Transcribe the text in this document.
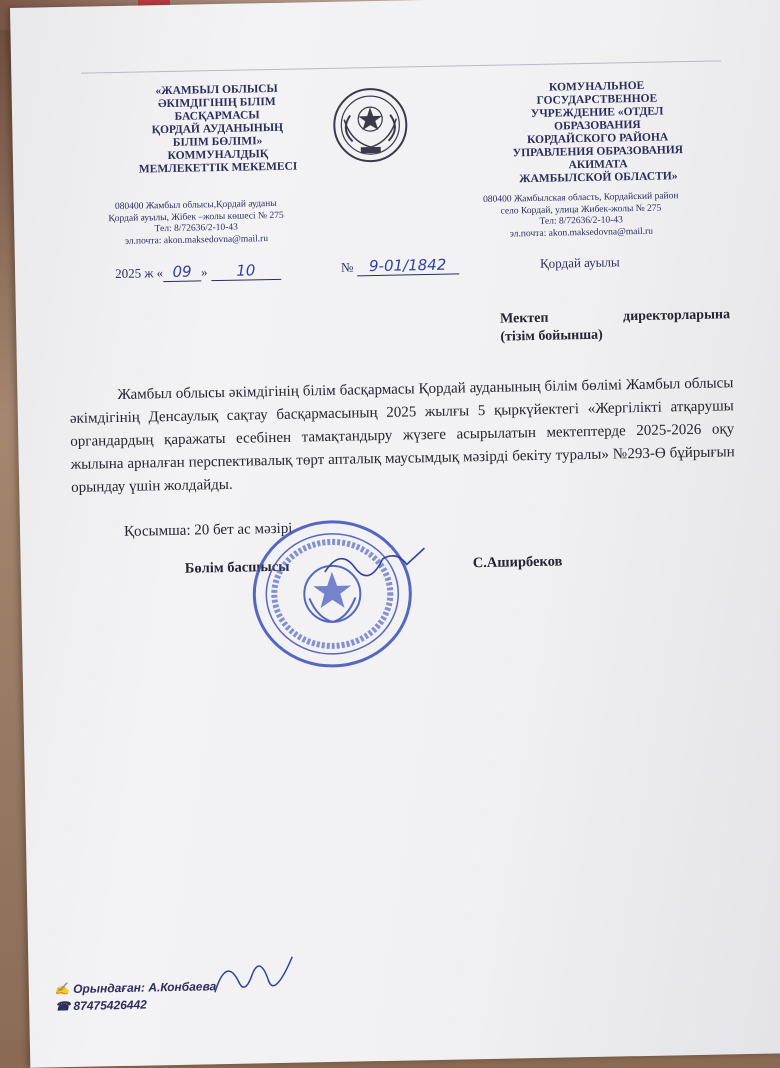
«ЖАМБЫЛ ОБЛЫСЫ
ӘКІМДІГІНІҢ БІЛІМ
БАСҚАРМАСЫ
ҚОРДАЙ АУДАНЫНЫҢ
БІЛІМ БӨЛІМІ»
КОММУНАЛДЫҚ
МЕМЛЕКЕТТІК МЕКЕМЕСІ
КОМУНАЛЬНОЕ
ГОСУДАРСТВЕННОЕ
УЧРЕЖДЕНИЕ «ОТДЕЛ
ОБРАЗОВАНИЯ
КОРДАЙСКОГО РАЙОНА
УПРАВЛЕНИЯ ОБРАЗОВАНИЯ
АКИМАТА
ЖАМБЫЛСКОЙ ОБЛАСТИ»
080400 Жамбыл облысы,Қордай ауданы
Қордай ауылы, Жібек –жолы көшесі № 275
Тел: 8/72636/2-10-43
эл.почта: akon.maksedovna@mail.ru
080400 Жамбылская область, Кордайский район
село Кордай, улица Жибек-жолы № 275
Тел: 8/72636/2-10-43
эл.почта: akon.maksedovna@mail.ru
2025 ж « 09 » 10	№ 9-01/1842	Қордай ауылы
Мектеп	директорларына
(тізім бойынша)

Жамбыл облысы әкімдігінің білім басқармасы Қордай ауданының білім бөлімі Жамбыл облысы әкімдігінің Денсаулық сақтау басқармасының 2025 жылғы 5 қыркүйектегі «Жергілікті атқарушы органдардың қаражаты есебінен тамақтандыру жүзеге асырылатын мектептерде 2025-2026 оқу жылына арналған перспективалық төрт апталық маусымдық мәзірді бекіту туралы» №293-Ө бұйрығын орындау үшін жолдайды.

Қосымша: 20 бет ас мәзірі
Бөлім басшысы	С.Аширбеков
✍ Орындаған: А.Конбаева
☎ 87475426442
